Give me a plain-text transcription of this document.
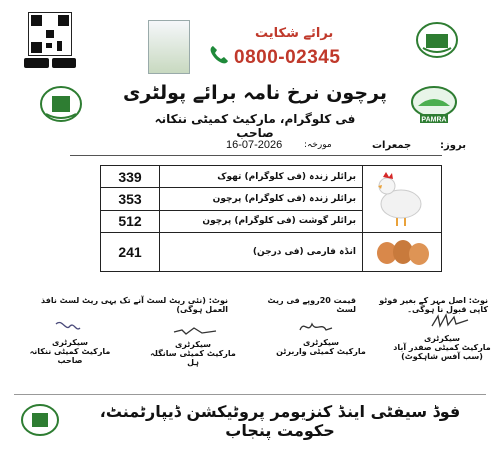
برائے شکایت
0800-02345
PAMRA
پرچون نرخ نامہ برائے پولٹری
فی کلوگرام، مارکیٹ کمیٹی ننکانہ صاحب
بروز:
جمعرات
مورخہ:
16-07-2026
339	برائلر زندہ (فی کلوگرام) تھوک	
353	برائلر زندہ (فی کلوگرام) پرچون	
512	برائلر گوشت (فی کلوگرام) پرچون	
241	انڈہ فارمی (فی درجن)	
نوٹ: اصل مہر کے بغیر فوٹو کاپی قبول نا ہوگی۔
قیمت 20روپے فی ریٹ لسٹ
نوٹ: (نئی ریٹ لسٹ آنے تک یہی ریٹ لسٹ نافذ العمل ہوگی)
سیکرٹری
مارکیٹ کمیٹی صفدر آباد
(سب آفس شاہکوٹ)
سیکرٹری
مارکیٹ کمیٹی واربرٹن
سیکرٹری
مارکیٹ کمیٹی سانگلہ ہل
سیکرٹری
مارکیٹ کمیٹی ننکانہ صاحب
فوڈ سیفٹی اینڈ کنزیومر پروٹیکشن ڈیپارٹمنٹ، حکومت پنجاب
